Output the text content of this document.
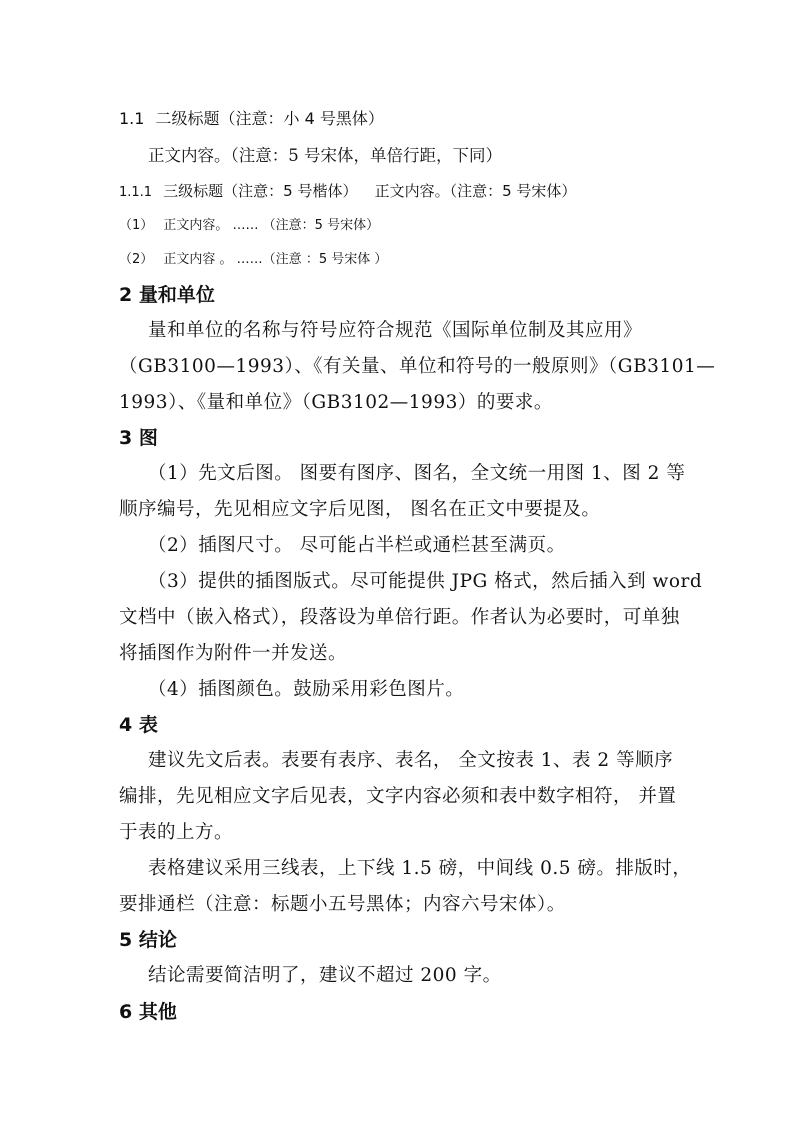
1.1 二级标题（注意：小 4 号黑体）
正文内容。（注意：5 号宋体，单倍行距，下同）
1.1.1 三级标题（注意：5 号楷体） 正文内容。（注意：5 号宋体）
（1） 正文内容。 …… （注意：5 号宋体）
（2） 正文内容 。 ……（注意 ：5 号宋体 ）
2 量和单位
量和单位的名称与符号应符合规范《国际单位制及其应用》
（GB3100—1993）、《有关量、单位和符号的一般原则》（GB3101—
1993）、《量和单位》（GB3102—1993）的要求。
3 图
（1）先文后图。 图要有图序、图名，全文统一用图 1、图 2 等
顺序编号，先见相应文字后见图， 图名在正文中要提及。
（2）插图尺寸。 尽可能占半栏或通栏甚至满页。
（3）提供的插图版式。尽可能提供 JPG 格式，然后插入到 word
文档中（嵌入格式），段落设为单倍行距。作者认为必要时，可单独
将插图作为附件一并发送。
（4）插图颜色。鼓励采用彩色图片。
4 表
建议先文后表。表要有表序、表名， 全文按表 1、表 2 等顺序
编排，先见相应文字后见表，文字内容必须和表中数字相符， 并置
于表的上方。
表格建议采用三线表，上下线 1.5 磅，中间线 0.5 磅。排版时，
要排通栏（注意：标题小五号黑体；内容六号宋体）。
5 结论
结论需要简洁明了，建议不超过 200 字。
6 其他
